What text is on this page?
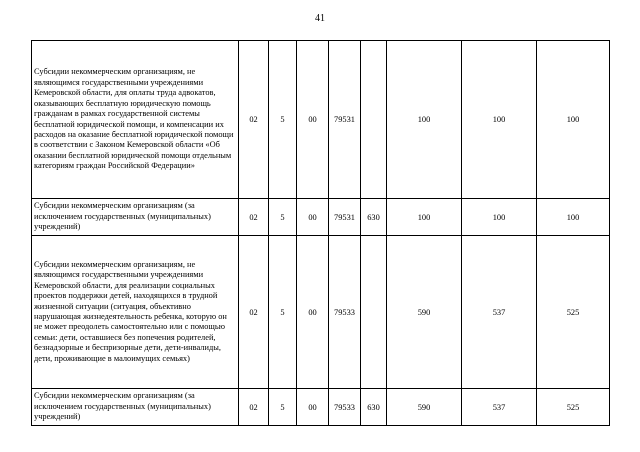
41
Субсидии некоммерческим организациям, не являющимся государственными учреждениями Кемеровской области, для оплаты труда адвокатов, оказывающих бесплатную юридическую помощь гражданам в рамках государственной системы бесплатной юридической помощи, и компенсации их расходов на оказание бесплатной юридической помощи в соответствии с Законом Кемеровской области «Об оказании бесплатной юридической помощи отдельным категориям граждан Российской Федерации»	02	5	00	79531		100	100	100
Субсидии некоммерческим организациям (за исключением государственных (муниципальных) учреждений)	02	5	00	79531	630	100	100	100
Субсидии некоммерческим организациям, не являющимся государственными учреждениями Кемеровской области, для реализации социальных проектов поддержки детей, находящихся в трудной жизненной ситуации (ситуация, объективно нарушающая жизнедеятельность ребенка, которую он не может преодолеть самостоятельно или с помощью семьи: дети, оставшиеся без попечения родителей, безнадзорные и беспризорные дети, дети-инвалиды, дети, проживающие в малоимущих семьях)	02	5	00	79533		590	537	525
Субсидии некоммерческим организациям (за исключением государственных (муниципальных) учреждений)	02	5	00	79533	630	590	537	525
